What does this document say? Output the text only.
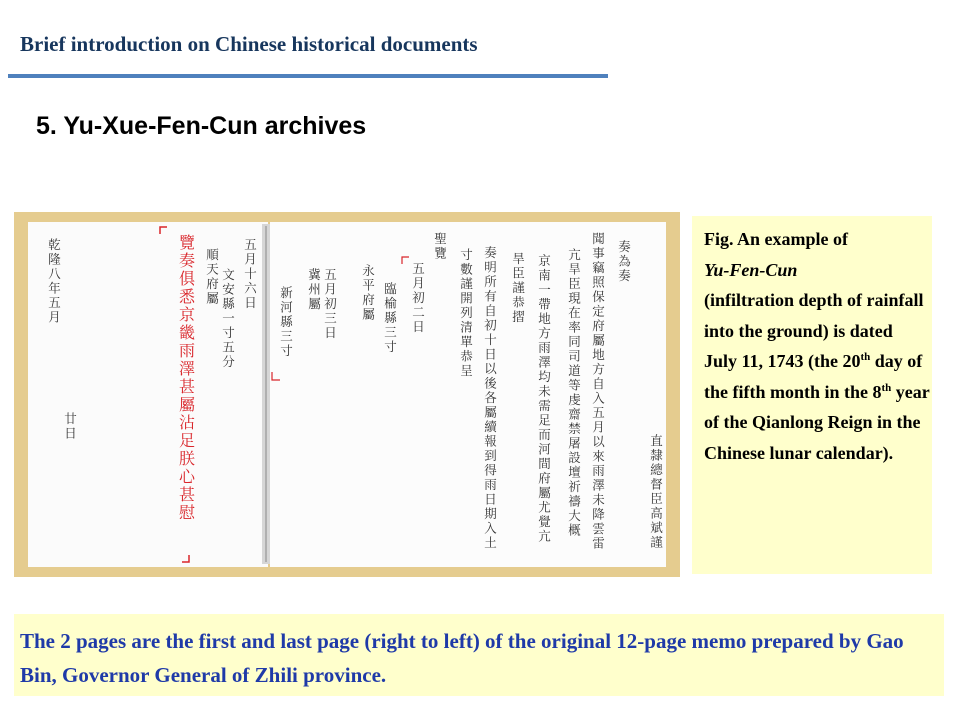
Brief introduction on Chinese historical documents
5. Yu-Xue-Fen-Cun archives
乾隆八年五月
廿日	覽奏俱悉京畿雨澤甚屬沾足朕心甚慰 順天府屬 文安縣一寸五分 五月十六日
新河縣三寸 冀州屬 五月初三日 永平府屬 臨榆縣三寸 五月初二日
聖覽
寸數謹開列清單恭呈 奏明所有自初十日以後各屬續報到得雨日期入土 旱臣謹恭摺 京南一帶地方雨澤均未需足而河間府屬尤覺亢 亢旱臣現在率同司道等虔齋禁屠設壇祈禱大概 聞事竊照保定府屬地方自入五月以來雨澤未降雲雷 奏為奏
直隸總督臣高斌謹
Fig. An example of
Yu-Fen-Cun
(infiltration depth of rainfall into the ground) is dated July 11, 1743 (the 20th day of the fifth month in the 8th year of the Qianlong Reign in the Chinese lunar calendar).
The 2 pages are the first and last page (right to left) of the original 12-page memo prepared by Gao Bin, Governor General of Zhili province.
